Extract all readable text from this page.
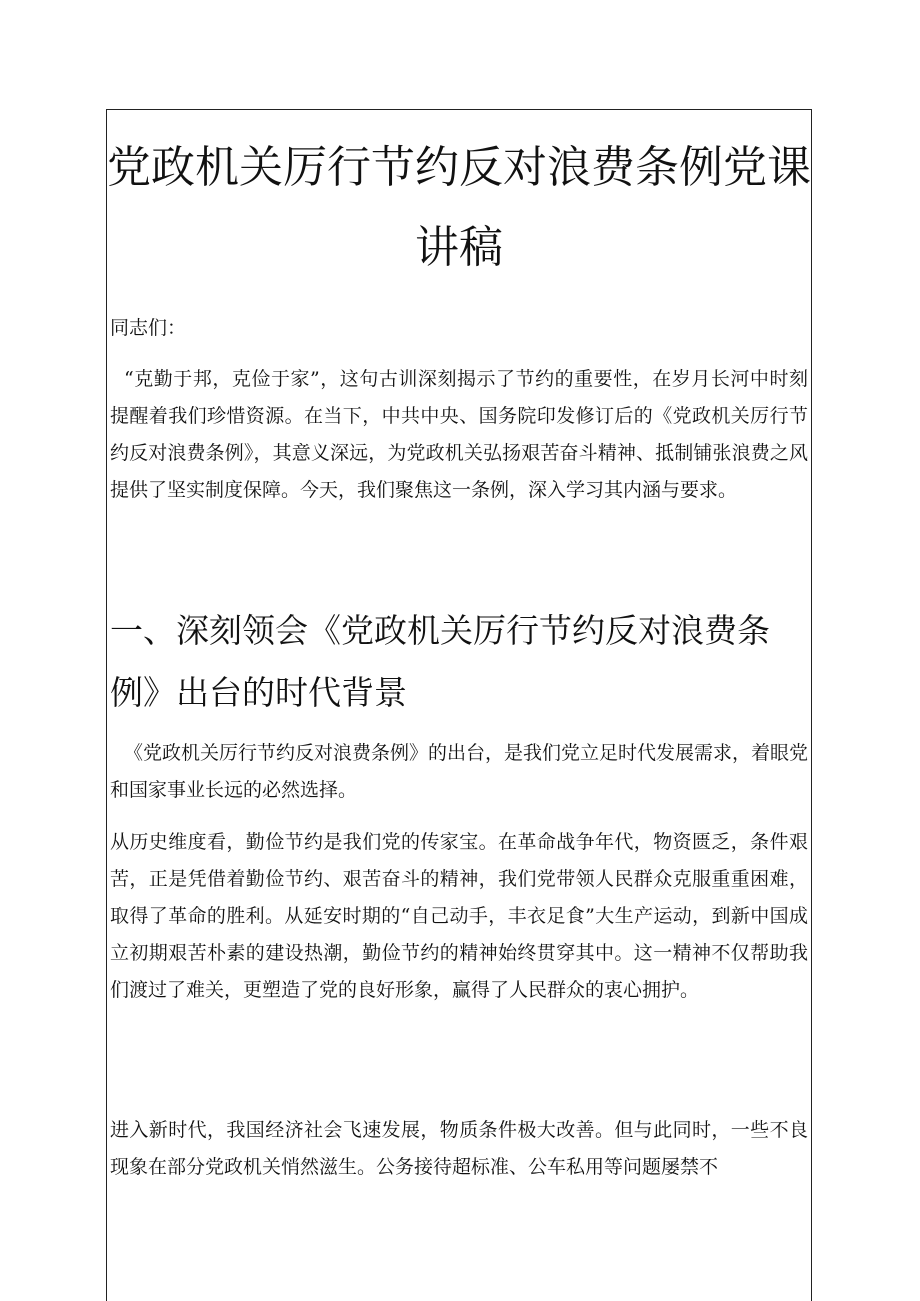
党政机关厉行节约反对浪费条例党课讲稿

同志们：

“克勤于邦，克俭于家”，这句古训深刻揭示了节约的重要性，在岁月长河中时刻提醒着我们珍惜资源。在当下，中共中央、国务院印发修订后的《党政机关厉行节约反对浪费条例》，其意义深远，为党政机关弘扬艰苦奋斗精神、抵制铺张浪费之风提供了坚实制度保障。今天，我们聚焦这一条例，深入学习其内涵与要求。

一、深刻领会《党政机关厉行节约反对浪费条例》出台的时代背景

《党政机关厉行节约反对浪费条例》的出台，是我们党立足时代发展需求，着眼党和国家事业长远的必然选择。

从历史维度看，勤俭节约是我们党的传家宝。在革命战争年代，物资匮乏，条件艰苦，正是凭借着勤俭节约、艰苦奋斗的精神，我们党带领人民群众克服重重困难，取得了革命的胜利。从延安时期的“自己动手，丰衣足食”大生产运动，到新中国成立初期艰苦朴素的建设热潮，勤俭节约的精神始终贯穿其中。这一精神不仅帮助我们渡过了难关，更塑造了党的良好形象，赢得了人民群众的衷心拥护。

进入新时代，我国经济社会飞速发展，物质条件极大改善。但与此同时，一些不良现象在部分党政机关悄然滋生。公务接待超标准、公车私用等问题屡禁不
